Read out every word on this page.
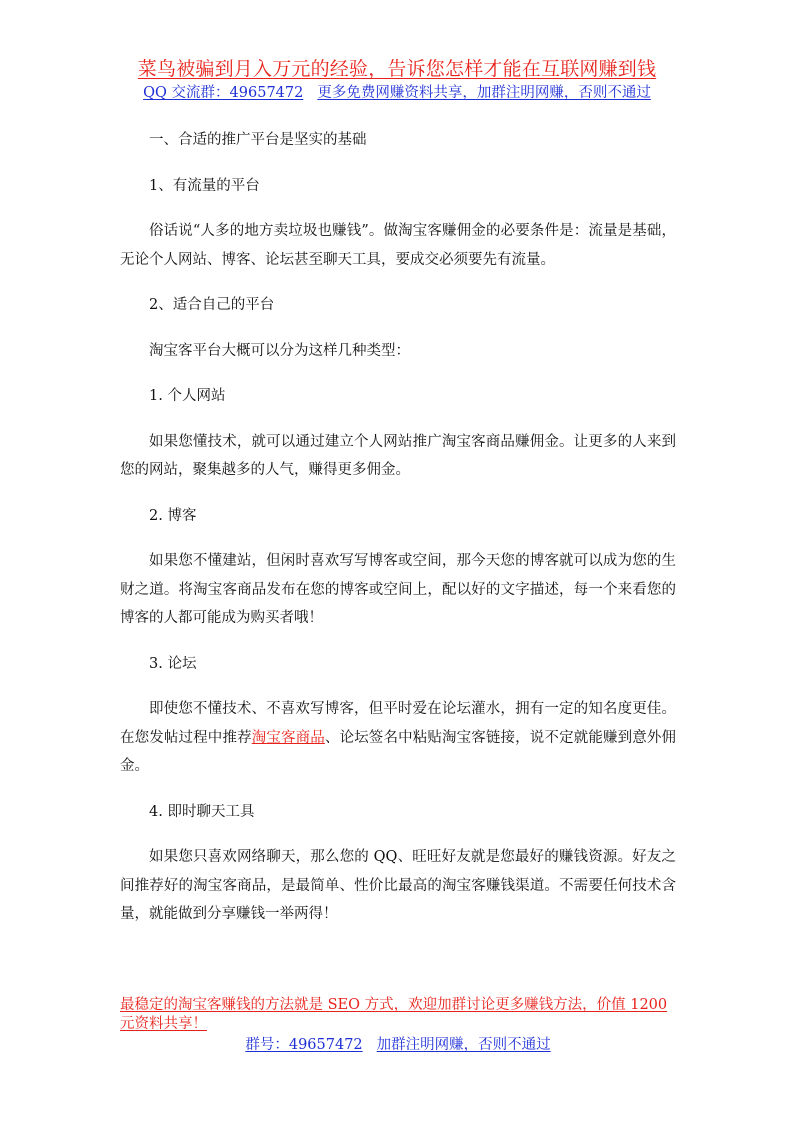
菜鸟被骗到月入万元的经验，告诉您怎样才能在互联网赚到钱
QQ 交流群：49657472 更多免费网赚资料共享，加群注明网赚，否则不通过

一、合适的推广平台是坚实的基础

1、有流量的平台

俗话说“人多的地方卖垃圾也赚钱”。做淘宝客赚佣金的必要条件是：流量是基础，无论个人网站、博客、论坛甚至聊天工具，要成交必须要先有流量。

2、适合自己的平台

淘宝客平台大概可以分为这样几种类型：

1. 个人网站

如果您懂技术，就可以通过建立个人网站推广淘宝客商品赚佣金。让更多的人来到您的网站，聚集越多的人气，赚得更多佣金。

2. 博客

如果您不懂建站，但闲时喜欢写写博客或空间，那今天您的博客就可以成为您的生财之道。将淘宝客商品发布在您的博客或空间上，配以好的文字描述，每一个来看您的博客的人都可能成为购买者哦！

3. 论坛

即使您不懂技术、不喜欢写博客，但平时爱在论坛灌水，拥有一定的知名度更佳。在您发帖过程中推荐淘宝客商品、论坛签名中粘贴淘宝客链接，说不定就能赚到意外佣金。

4. 即时聊天工具

如果您只喜欢网络聊天，那么您的 QQ、旺旺好友就是您最好的赚钱资源。好友之间推荐好的淘宝客商品，是最简单、性价比最高的淘宝客赚钱渠道。不需要任何技术含量，就能做到分享赚钱一举两得！

最稳定的淘宝客赚钱的方法就是 SEO 方式，欢迎加群讨论更多赚钱方法，价值 1200 元资料共享！
群号：49657472 加群注明网赚，否则不通过
